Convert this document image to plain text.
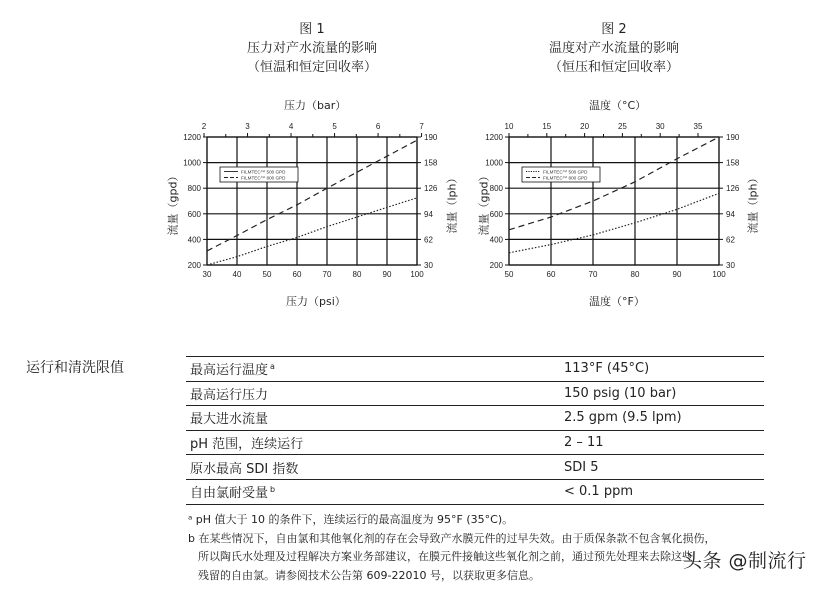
图 1
压力对产水流量的影响
（恒温和恒定回收率）
图 2
温度对产水流量的影响
（恒压和恒定回收率）
压力（bar）
压力（psi）
流量（gpd）
温度（°C）
温度（°F）
流量（lph） 流量（gpd）	流量（lph）
30	40	50	60	70	80	90 100
200	30
400	62
600	94
800	126
1000	158
1200	190
2	3	4	5	6	7
FILMTEC™ 500 GPD
FILMTEC™ 800 GPD
50	60	70	80	90	100
200	30
400	62
600	94
800	126
1000	158
1200	190
10	15	20	25	30	35
FILMTEC™ 500 GPD
FILMTEC™ 800 GPD
运行和清洗限值	最高运行温度 $^a$	113°F (45°C)
最高运行压力	150 psig (10 bar)
最大进水流量	2.5 gpm (9.5 lpm)
pH 范围，连续运行	2 – 11
原水最高 SDI 指数	SDI 5
自由氯耐受量 $^b$	< 0.1 ppm
ᵃ pH 值大于 10 的条件下，连续运行的最高温度为 95°F (35°C)。
b 在某些情况下，自由氯和其他氧化剂的存在会导致产水膜元件的过早失效。由于质保条款不包含氧化损伤，
所以陶氏水处理及过程解决方案业务部建议，在膜元件接触这些氧化剂之前，通过预先处理来去除这些
残留的自由氯。请参阅技术公告第 609-22010 号，以获取更多信息。
头条 @制流行
